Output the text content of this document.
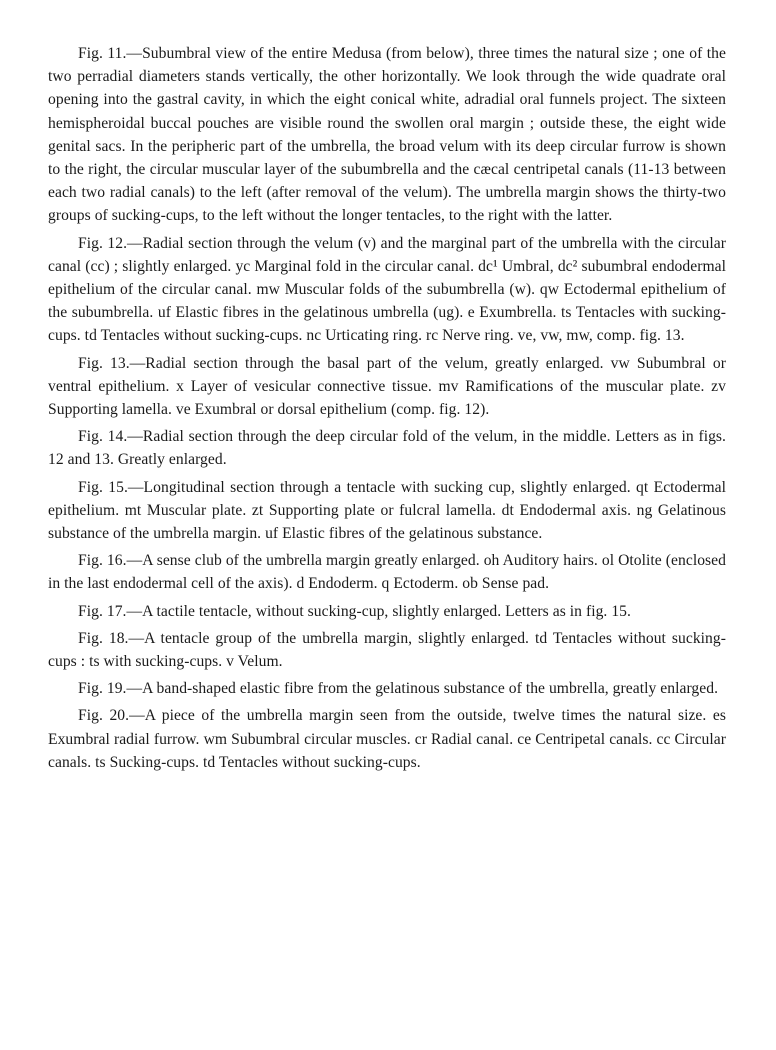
Fig. 11.—Subumbral view of the entire Medusa (from below), three times the natural size ; one of the two perradial diameters stands vertically, the other horizontally. We look through the wide quadrate oral opening into the gastral cavity, in which the eight conical white, adradial oral funnels project. The sixteen hemispheroidal buccal pouches are visible round the swollen oral margin ; outside these, the eight wide genital sacs. In the peripheric part of the umbrella, the broad velum with its deep circular furrow is shown to the right, the circular muscular layer of the subumbrella and the cæcal centripetal canals (11-13 between each two radial canals) to the left (after removal of the velum). The umbrella margin shows the thirty-two groups of sucking-cups, to the left without the longer tentacles, to the right with the latter.

Fig. 12.—Radial section through the velum (v) and the marginal part of the umbrella with the circular canal (cc) ; slightly enlarged. yc Marginal fold in the circular canal. dc¹ Umbral, dc² subumbral endodermal epithelium of the circular canal. mw Muscular folds of the subumbrella (w). qw Ectodermal epithelium of the subumbrella. uf Elastic fibres in the gelatinous umbrella (ug). e Exumbrella. ts Tentacles with sucking-cups. td Tentacles without sucking-cups. nc Urticating ring. rc Nerve ring. ve, vw, mw, comp. fig. 13.

Fig. 13.—Radial section through the basal part of the velum, greatly enlarged. vw Subumbral or ventral epithelium. x Layer of vesicular connective tissue. mv Ramifications of the muscular plate. zv Supporting lamella. ve Exumbral or dorsal epithelium (comp. fig. 12).

Fig. 14.—Radial section through the deep circular fold of the velum, in the middle. Letters as in figs. 12 and 13. Greatly enlarged.

Fig. 15.—Longitudinal section through a tentacle with sucking cup, slightly enlarged. qt Ectodermal epithelium. mt Muscular plate. zt Supporting plate or fulcral lamella. dt Endodermal axis. ng Gelatinous substance of the umbrella margin. uf Elastic fibres of the gelatinous substance.

Fig. 16.—A sense club of the umbrella margin greatly enlarged. oh Auditory hairs. ol Otolite (enclosed in the last endodermal cell of the axis). d Endoderm. q Ectoderm. ob Sense pad.

Fig. 17.—A tactile tentacle, without sucking-cup, slightly enlarged. Letters as in fig. 15.

Fig. 18.—A tentacle group of the umbrella margin, slightly enlarged. td Tentacles without sucking-cups : ts with sucking-cups. v Velum.

Fig. 19.—A band-shaped elastic fibre from the gelatinous substance of the umbrella, greatly enlarged.

Fig. 20.—A piece of the umbrella margin seen from the outside, twelve times the natural size. es Exumbral radial furrow. wm Subumbral circular muscles. cr Radial canal. ce Centripetal canals. cc Circular canals. ts Sucking-cups. td Tentacles without sucking-cups.
